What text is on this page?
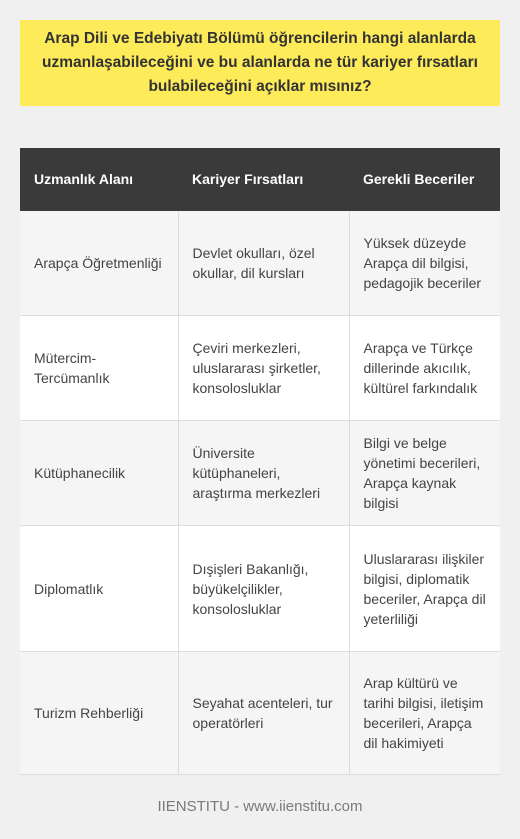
Arap Dili ve Edebiyatı Bölümü öğrencilerin hangi alanlarda uzmanlaşabileceğini ve bu alanlarda ne tür kariyer fırsatları bulabileceğini açıklar mısınız?
Uzmanlık Alanı	Kariyer Fırsatları	Gerekli Beceriler
Arapça Öğretmenliği	Devlet okulları, özel okullar, dil kursları	Yüksek düzeyde Arapça dil bilgisi, pedagojik beceriler
Mütercim-Tercümanlık	Çeviri merkezleri, uluslararası şirketler, konsolosluklar	Arapça ve Türkçe dillerinde akıcılık, kültürel farkındalık
Kütüphanecilik	Üniversite kütüphaneleri, araştırma merkezleri	Bilgi ve belge yönetimi becerileri, Arapça kaynak bilgisi
Diplomatlık	Dışişleri Bakanlığı, büyükelçilikler, konsolosluklar	Uluslararası ilişkiler bilgisi, diplomatik beceriler, Arapça dil yeterliliği
Turizm Rehberliği	Seyahat acenteleri, tur operatörleri	Arap kültürü ve tarihi bilgisi, iletişim becerileri, Arapça dil hakimiyeti
IIENSTITU - www.iienstitu.com
